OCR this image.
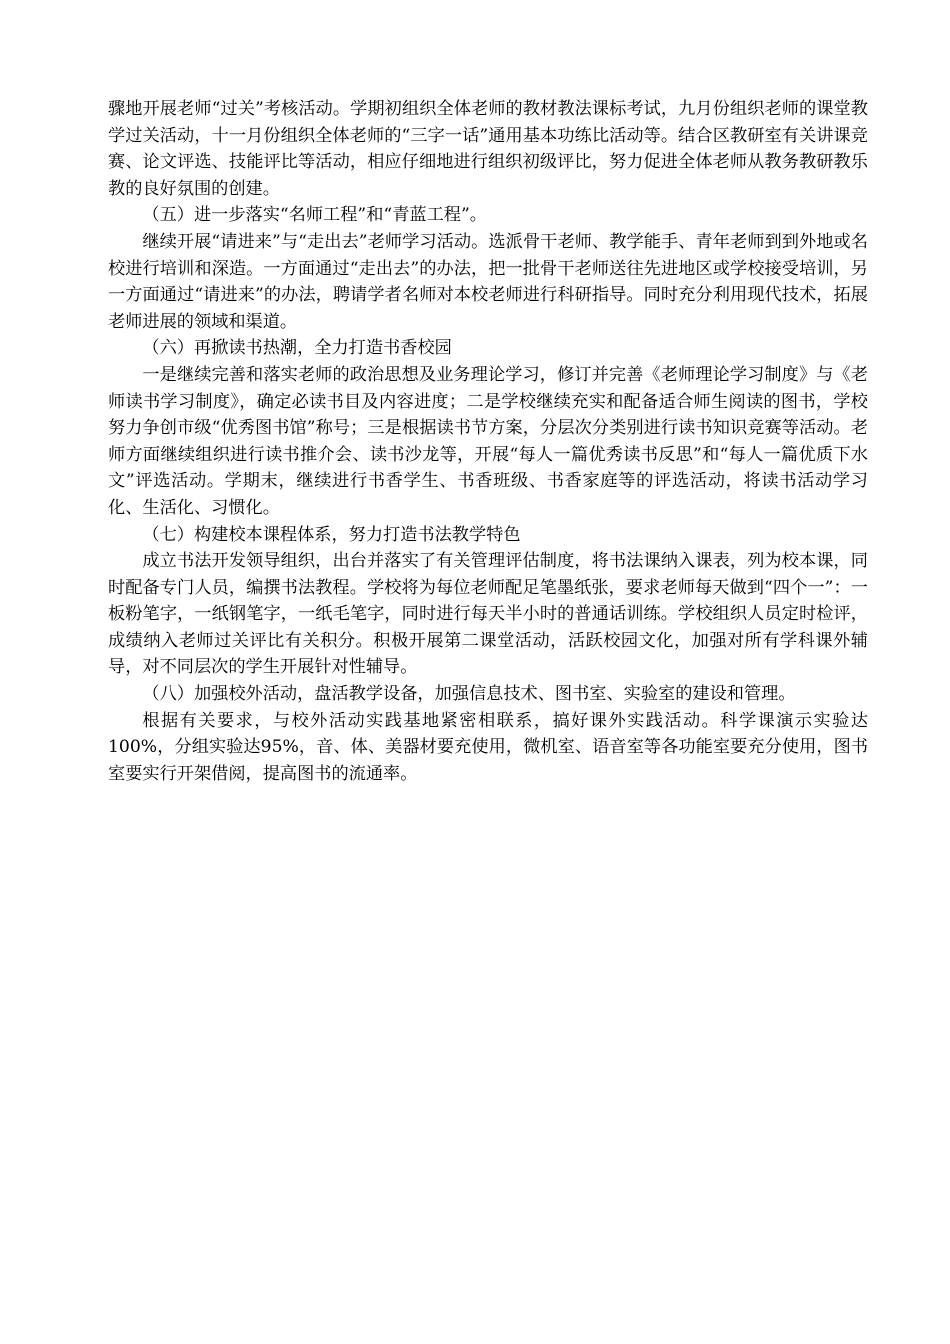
骤地开展老师“过关”考核活动。学期初组织全体老师的教材教法课标考试，九月份组织老师的课堂教学过关活动，十一月份组织全体老师的“三字一话”通用基本功练比活动等。结合区教研室有关讲课竞赛、论文评选、技能评比等活动，相应仔细地进行组织初级评比，努力促进全体老师从教务教研教乐教的良好氛围的创建。

（五）进一步落实“名师工程”和“青蓝工程”。

继续开展“请进来”与“走出去”老师学习活动。选派骨干老师、教学能手、青年老师到到外地或名校进行培训和深造。一方面通过“走出去”的办法，把一批骨干老师送往先进地区或学校接受培训，另一方面通过“请进来”的办法，聘请学者名师对本校老师进行科研指导。同时充分利用现代技术，拓展老师进展的领域和渠道。

（六）再掀读书热潮，全力打造书香校园

一是继续完善和落实老师的政治思想及业务理论学习，修订并完善《老师理论学习制度》与《老师读书学习制度》，确定必读书目及内容进度；二是学校继续充实和配备适合师生阅读的图书，学校努力争创市级“优秀图书馆”称号；三是根据读书节方案，分层次分类别进行读书知识竞赛等活动。老师方面继续组织进行读书推介会、读书沙龙等，开展“每人一篇优秀读书反思”和“每人一篇优质下水文”评选活动。学期末，继续进行书香学生、书香班级、书香家庭等的评选活动，将读书活动学习化、生活化、习惯化。

（七）构建校本课程体系，努力打造书法教学特色

成立书法开发领导组织，出台并落实了有关管理评估制度，将书法课纳入课表，列为校本课，同时配备专门人员，编撰书法教程。学校将为每位老师配足笔墨纸张，要求老师每天做到“四个一”：一板粉笔字，一纸钢笔字，一纸毛笔字，同时进行每天半小时的普通话训练。学校组织人员定时检评，成绩纳入老师过关评比有关积分。积极开展第二课堂活动，活跃校园文化，加强对所有学科课外辅导，对不同层次的学生开展针对性辅导。

（八）加强校外活动，盘活教学设备，加强信息技术、图书室、实验室的建设和管理。

根据有关要求，与校外活动实践基地紧密相联系，搞好课外实践活动。科学课演示实验达100%，分组实验达95%，音、体、美器材要充使用，微机室、语音室等各功能室要充分使用，图书室要实行开架借阅，提高图书的流通率。
